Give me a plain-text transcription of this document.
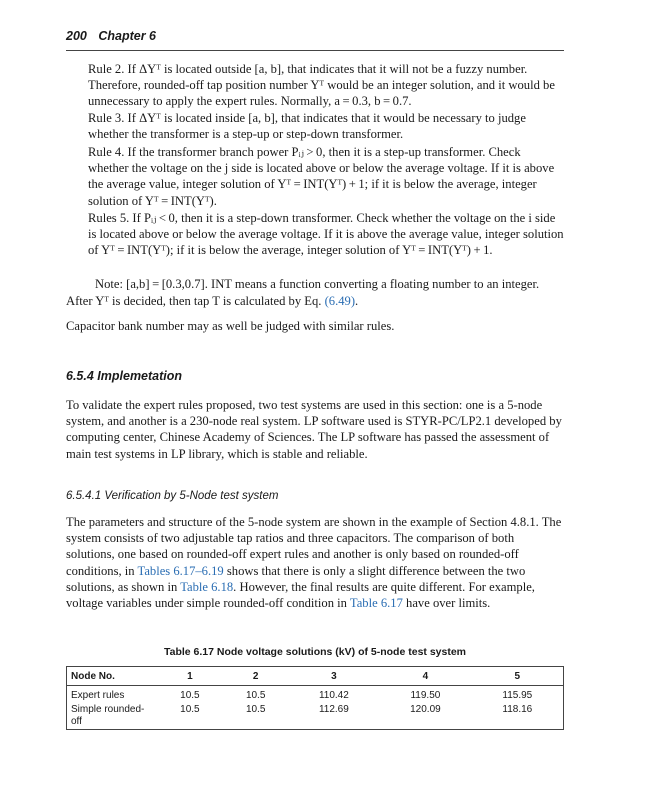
200 Chapter 6

Rule 2. If ΔYᵀ is located outside [a, b], that indicates that it will not be a fuzzy number. Therefore, rounded-off tap position number Yᵀ would be an integer solution, and it would be unnecessary to apply the expert rules. Normally, a = 0.3, b = 0.7.

Rule 3. If ΔYᵀ is located inside [a, b], that indicates that it would be necessary to judge whether the transformer is a step-up or step-down transformer.

Rule 4. If the transformer branch power Pᵢⱼ > 0, then it is a step-up transformer. Check whether the voltage on the j side is located above or below the average voltage. If it is above the average value, integer solution of Yᵀ = INT(Yᵀ) + 1; if it is below the average, integer solution of Yᵀ = INT(Yᵀ).

Rules 5. If Pᵢⱼ < 0, then it is a step-down transformer. Check whether the voltage on the i side is located above or below the average voltage. If it is above the average value, integer solution of Yᵀ = INT(Yᵀ); if it is below the average, integer solution of Yᵀ = INT(Yᵀ) + 1.

Note: [a,b] = [0.3,0.7]. INT means a function converting a floating number to an integer.

After Yᵀ is decided, then tap T is calculated by Eq. (6.49).

Capacitor bank number may as well be judged with similar rules.

6.5.4 Implemetation

To validate the expert rules proposed, two test systems are used in this section: one is a 5-node system, and another is a 230-node real system. LP software used is STYR-PC/LP2.1 developed by computing center, Chinese Academy of Sciences. The LP software has passed the assessment of main test systems in LP library, which is stable and reliable.

6.5.4.1 Verification by 5-Node test system

The parameters and structure of the 5-node system are shown in the example of Section 4.8.1. The system consists of two adjustable tap ratios and three capacitors. The comparison of both solutions, one based on rounded-off expert rules and another is only based on rounded-off conditions, in Tables 6.17–6.19 shows that there is only a slight difference between the two solutions, as shown in Table 6.18. However, the final results are quite different. For example, voltage variables under simple rounded-off condition in Table 6.17 have over limits.

Table 6.17 Node voltage solutions (kV) of 5-node test system
Node No.	1	2	3	4	5
Expert rules	10.5	10.5	110.42	119.50	115.95
Simple rounded-off	10.5	10.5	112.69	120.09	118.16
